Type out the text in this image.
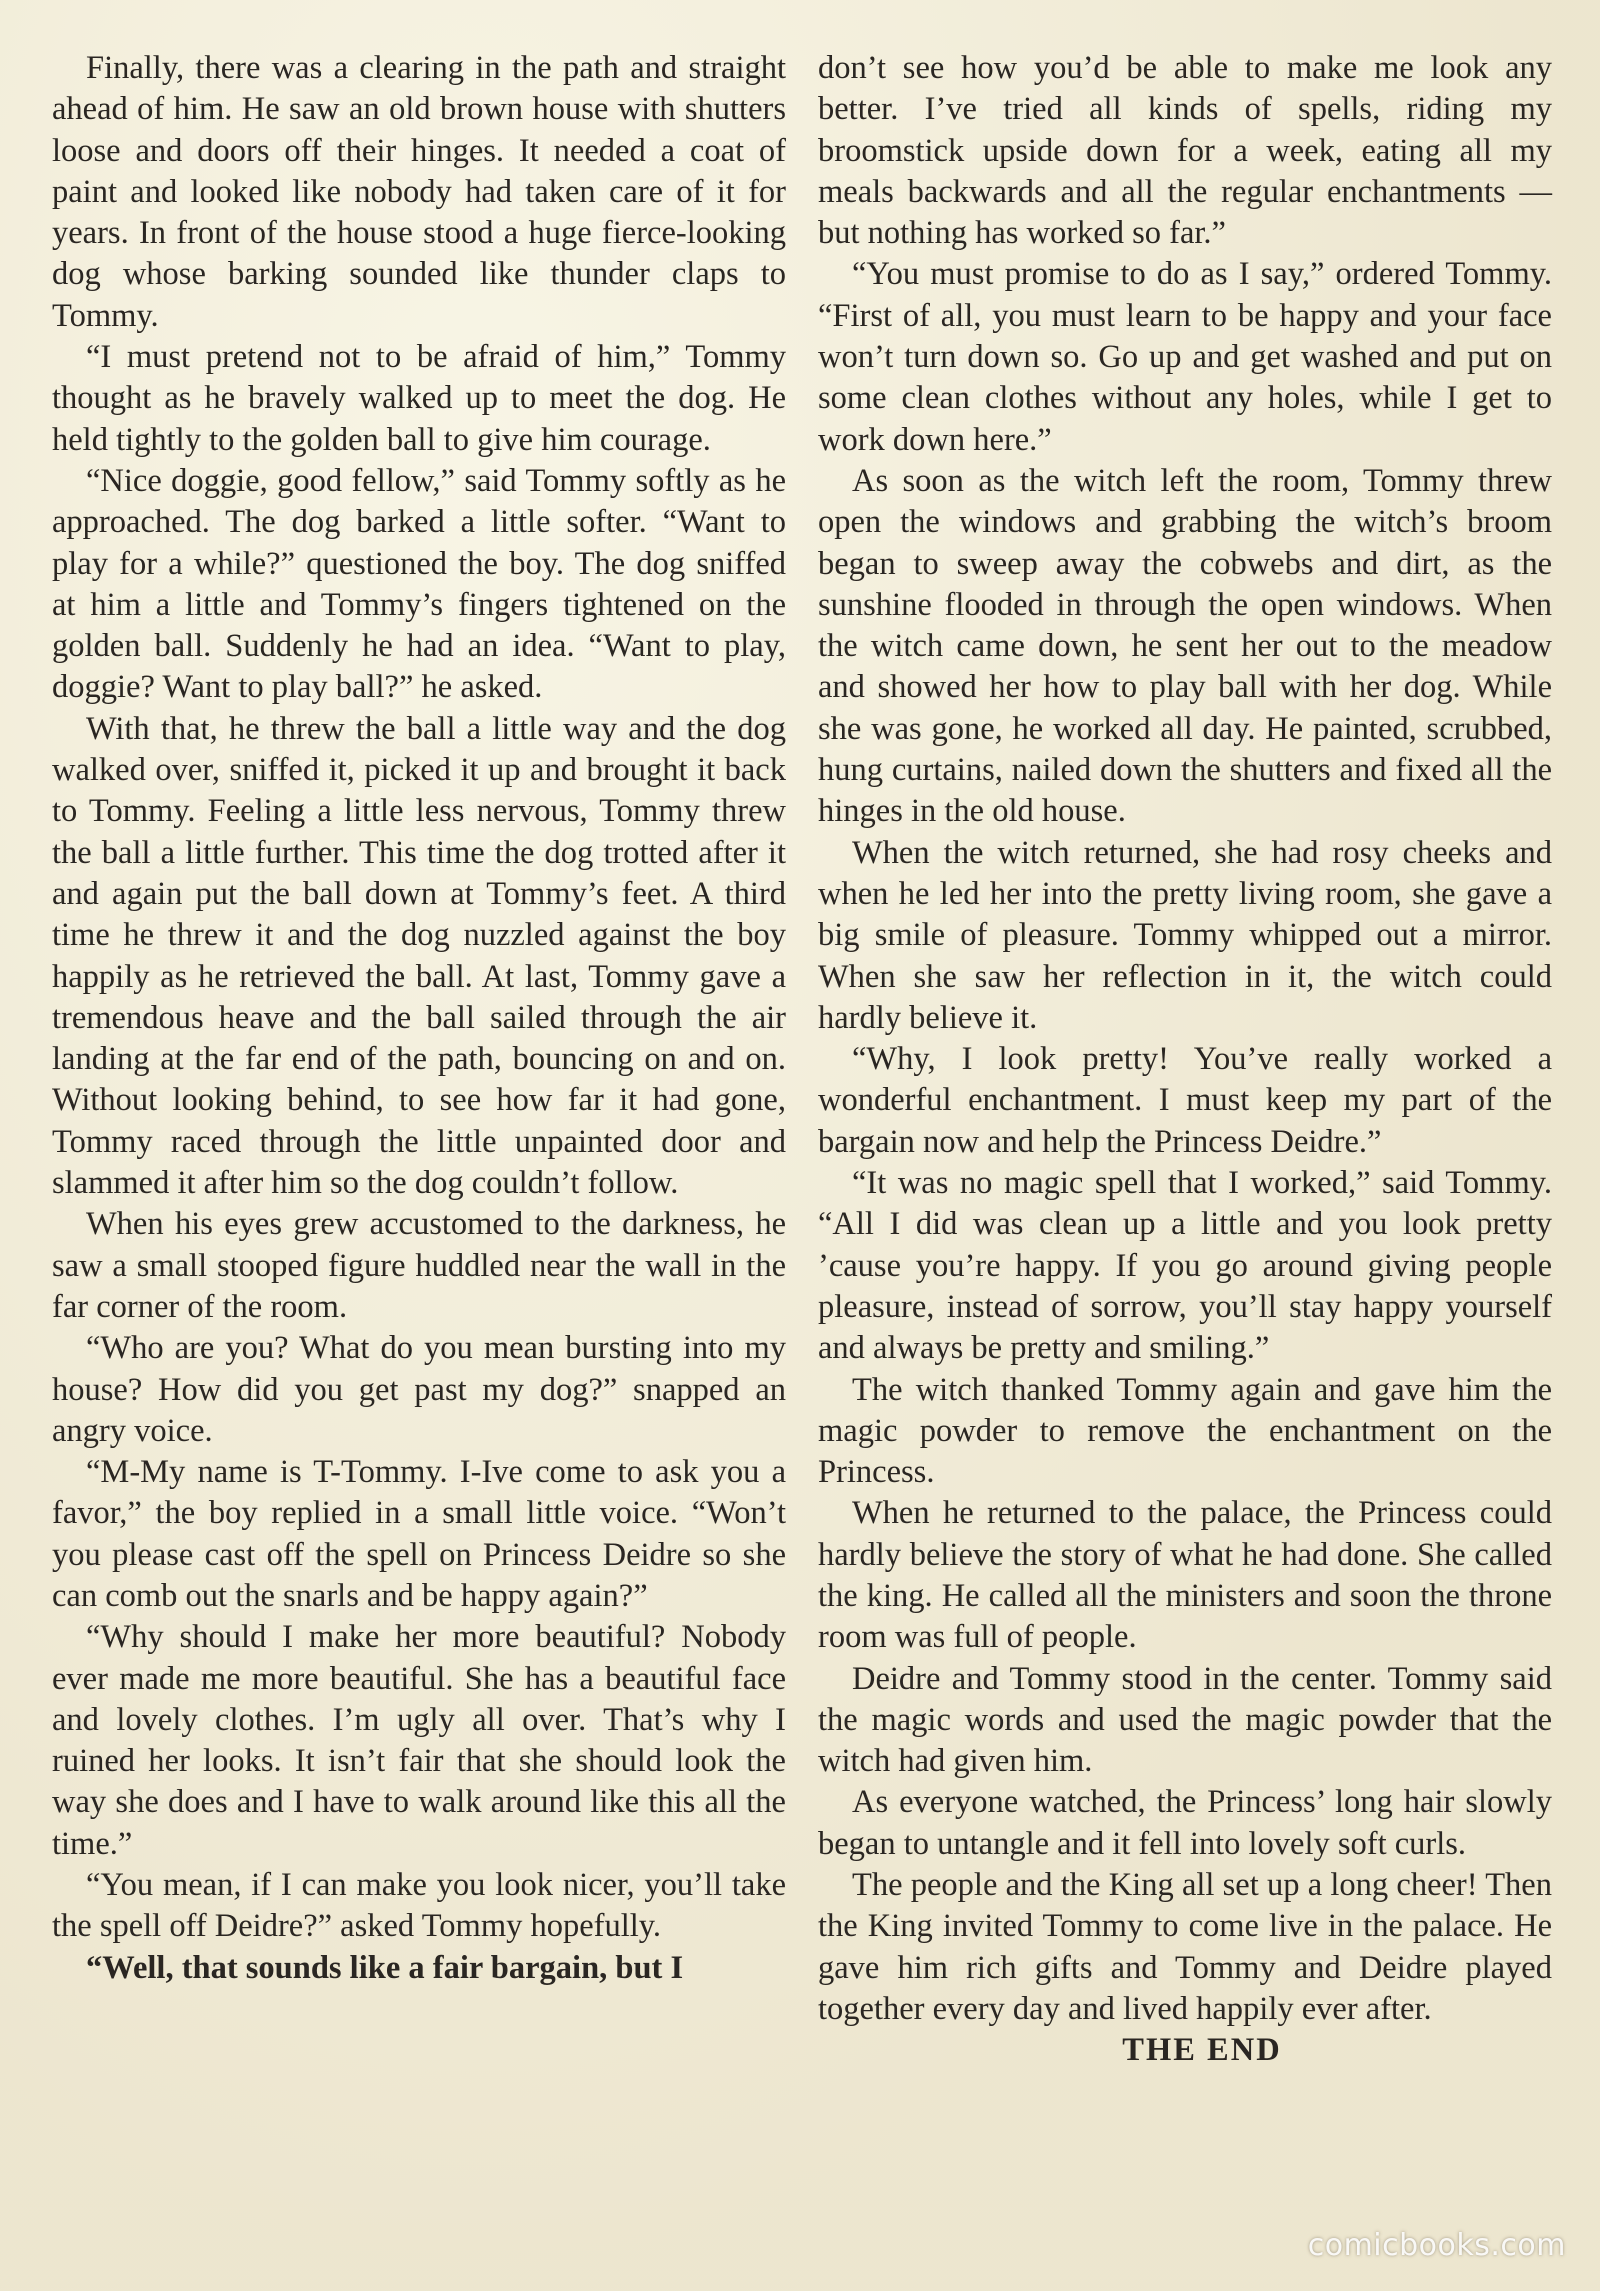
Finally, there was a clearing in the path and straight ahead of him. He saw an old brown house with shutters loose and doors off their hinges. It needed a coat of paint and looked like nobody had taken care of it for years. In front of the house stood a huge fierce-looking dog whose barking sounded like thunder claps to Tommy.

“I must pretend not to be afraid of him,” Tommy thought as he bravely walked up to meet the dog. He held tightly to the golden ball to give him courage.

“Nice doggie, good fellow,” said Tommy softly as he approached. The dog barked a little softer. “Want to play for a while?” questioned the boy. The dog sniffed at him a little and Tommy’s fingers tightened on the golden ball. Suddenly he had an idea. “Want to play, doggie? Want to play ball?” he asked.

With that, he threw the ball a little way and the dog walked over, sniffed it, picked it up and brought it back to Tommy. Feeling a little less nervous, Tommy threw the ball a little further. This time the dog trotted after it and again put the ball down at Tommy’s feet. A third time he threw it and the dog nuzzled against the boy happily as he retrieved the ball. At last, Tommy gave a tremendous heave and the ball sailed through the air landing at the far end of the path, bouncing on and on. Without looking behind, to see how far it had gone, Tommy raced through the little unpainted door and slammed it after him so the dog couldn’t follow.

When his eyes grew accustomed to the darkness, he saw a small stooped figure huddled near the wall in the far corner of the room.

“Who are you? What do you mean bursting into my house? How did you get past my dog?” snapped an angry voice.

“M-My name is T-Tommy. I-Ive come to ask you a favor,” the boy replied in a small little voice. “Won’t you please cast off the spell on Princess Deidre so she can comb out the snarls and be happy again?”

“Why should I make her more beautiful? Nobody ever made me more beautiful. She has a beautiful face and lovely clothes. I’m ugly all over. That’s why I ruined her looks. It isn’t fair that she should look the way she does and I have to walk around like this all the time.”

“You mean, if I can make you look nicer, you’ll take the spell off Deidre?” asked Tommy hopefully.

“Well, that sounds like a fair bargain, but I

don’t see how you’d be able to make me look any better. I’ve tried all kinds of spells, riding my broomstick upside down for a week, eating all my meals backwards and all the regular enchantments —but nothing has worked so far.”

“You must promise to do as I say,” ordered Tommy. “First of all, you must learn to be happy and your face won’t turn down so. Go up and get washed and put on some clean clothes without any holes, while I get to work down here.”

As soon as the witch left the room, Tommy threw open the windows and grabbing the witch’s broom began to sweep away the cobwebs and dirt, as the sunshine flooded in through the open windows. When the witch came down, he sent her out to the meadow and showed her how to play ball with her dog. While she was gone, he worked all day. He painted, scrubbed, hung curtains, nailed down the shutters and fixed all the hinges in the old house.

When the witch returned, she had rosy cheeks and when he led her into the pretty living room, she gave a big smile of pleasure. Tommy whipped out a mirror. When she saw her reflection in it, the witch could hardly believe it.

“Why, I look pretty! You’ve really worked a wonderful enchantment. I must keep my part of the bargain now and help the Princess Deidre.”

“It was no magic spell that I worked,” said Tommy. “All I did was clean up a little and you look pretty ’cause you’re happy. If you go around giving people pleasure, instead of sorrow, you’ll stay happy yourself and always be pretty and smiling.”

The witch thanked Tommy again and gave him the magic powder to remove the enchantment on the Princess.

When he returned to the palace, the Princess could hardly believe the story of what he had done. She called the king. He called all the ministers and soon the throne room was full of people.

Deidre and Tommy stood in the center. Tommy said the magic words and used the magic powder that the witch had given him.

As everyone watched, the Princess’ long hair slowly began to untangle and it fell into lovely soft curls.

The people and the King all set up a long cheer! Then the King invited Tommy to come live in the palace. He gave him rich gifts and Tommy and Deidre played together every day and lived happily ever after.

THE END

comicbooks.com
